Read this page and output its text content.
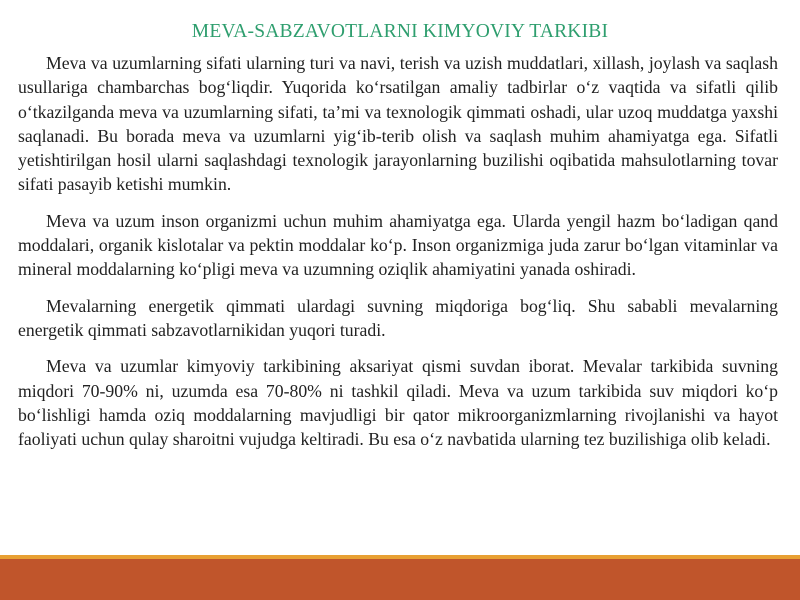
MEVA-SABZAVOTLARNI KIMYOVIY TARKIBI

Meva va uzumlarning sifati ularning turi va navi, terish va uzish muddatlari, xillash, joylash va saqlash usullariga chambarchas bog‘liqdir. Yuqorida ko‘rsatilgan amaliy tadbirlar o‘z vaqtida va sifatli qilib o‘tkazilganda meva va uzumlarning sifati, ta’mi va texnologik qimmati oshadi, ular uzoq muddatga yaxshi saqlanadi. Bu borada meva va uzumlarni yig‘ib-terib olish va saqlash muhim ahamiyatga ega. Sifatli yetishtirilgan hosil ularni saqlashdagi texnologik jarayonlarning buzilishi oqibatida mahsulotlarning tovar sifati pasayib ketishi mumkin.

Meva va uzum inson organizmi uchun muhim ahamiyatga ega. Ularda yengil hazm bo‘ladigan qand moddalari, organik kislotalar va pektin moddalar ko‘p. Inson organizmiga juda zarur bo‘lgan vitaminlar va mineral moddalarning ko‘pligi meva va uzumning oziqlik ahamiyatini yanada oshiradi.

Mevalarning energetik qimmati ulardagi suvning miqdoriga bog‘liq. Shu sababli mevalarning energetik qimmati sabzavotlarnikidan yuqori turadi.

Meva va uzumlar kimyoviy tarkibining aksariyat qismi suvdan iborat. Mevalar tarkibida suvning miqdori 70-90% ni, uzumda esa 70-80% ni tashkil qiladi. Meva va uzum tarkibida suv miqdori ko‘p bo‘lishligi hamda oziq moddalarning mavjudligi bir qator mikroorganizmlarning rivojlanishi va hayot faoliyati uchun qulay sharoitni vujudga keltiradi. Bu esa o‘z navbatida ularning tez buzilishiga olib keladi.
